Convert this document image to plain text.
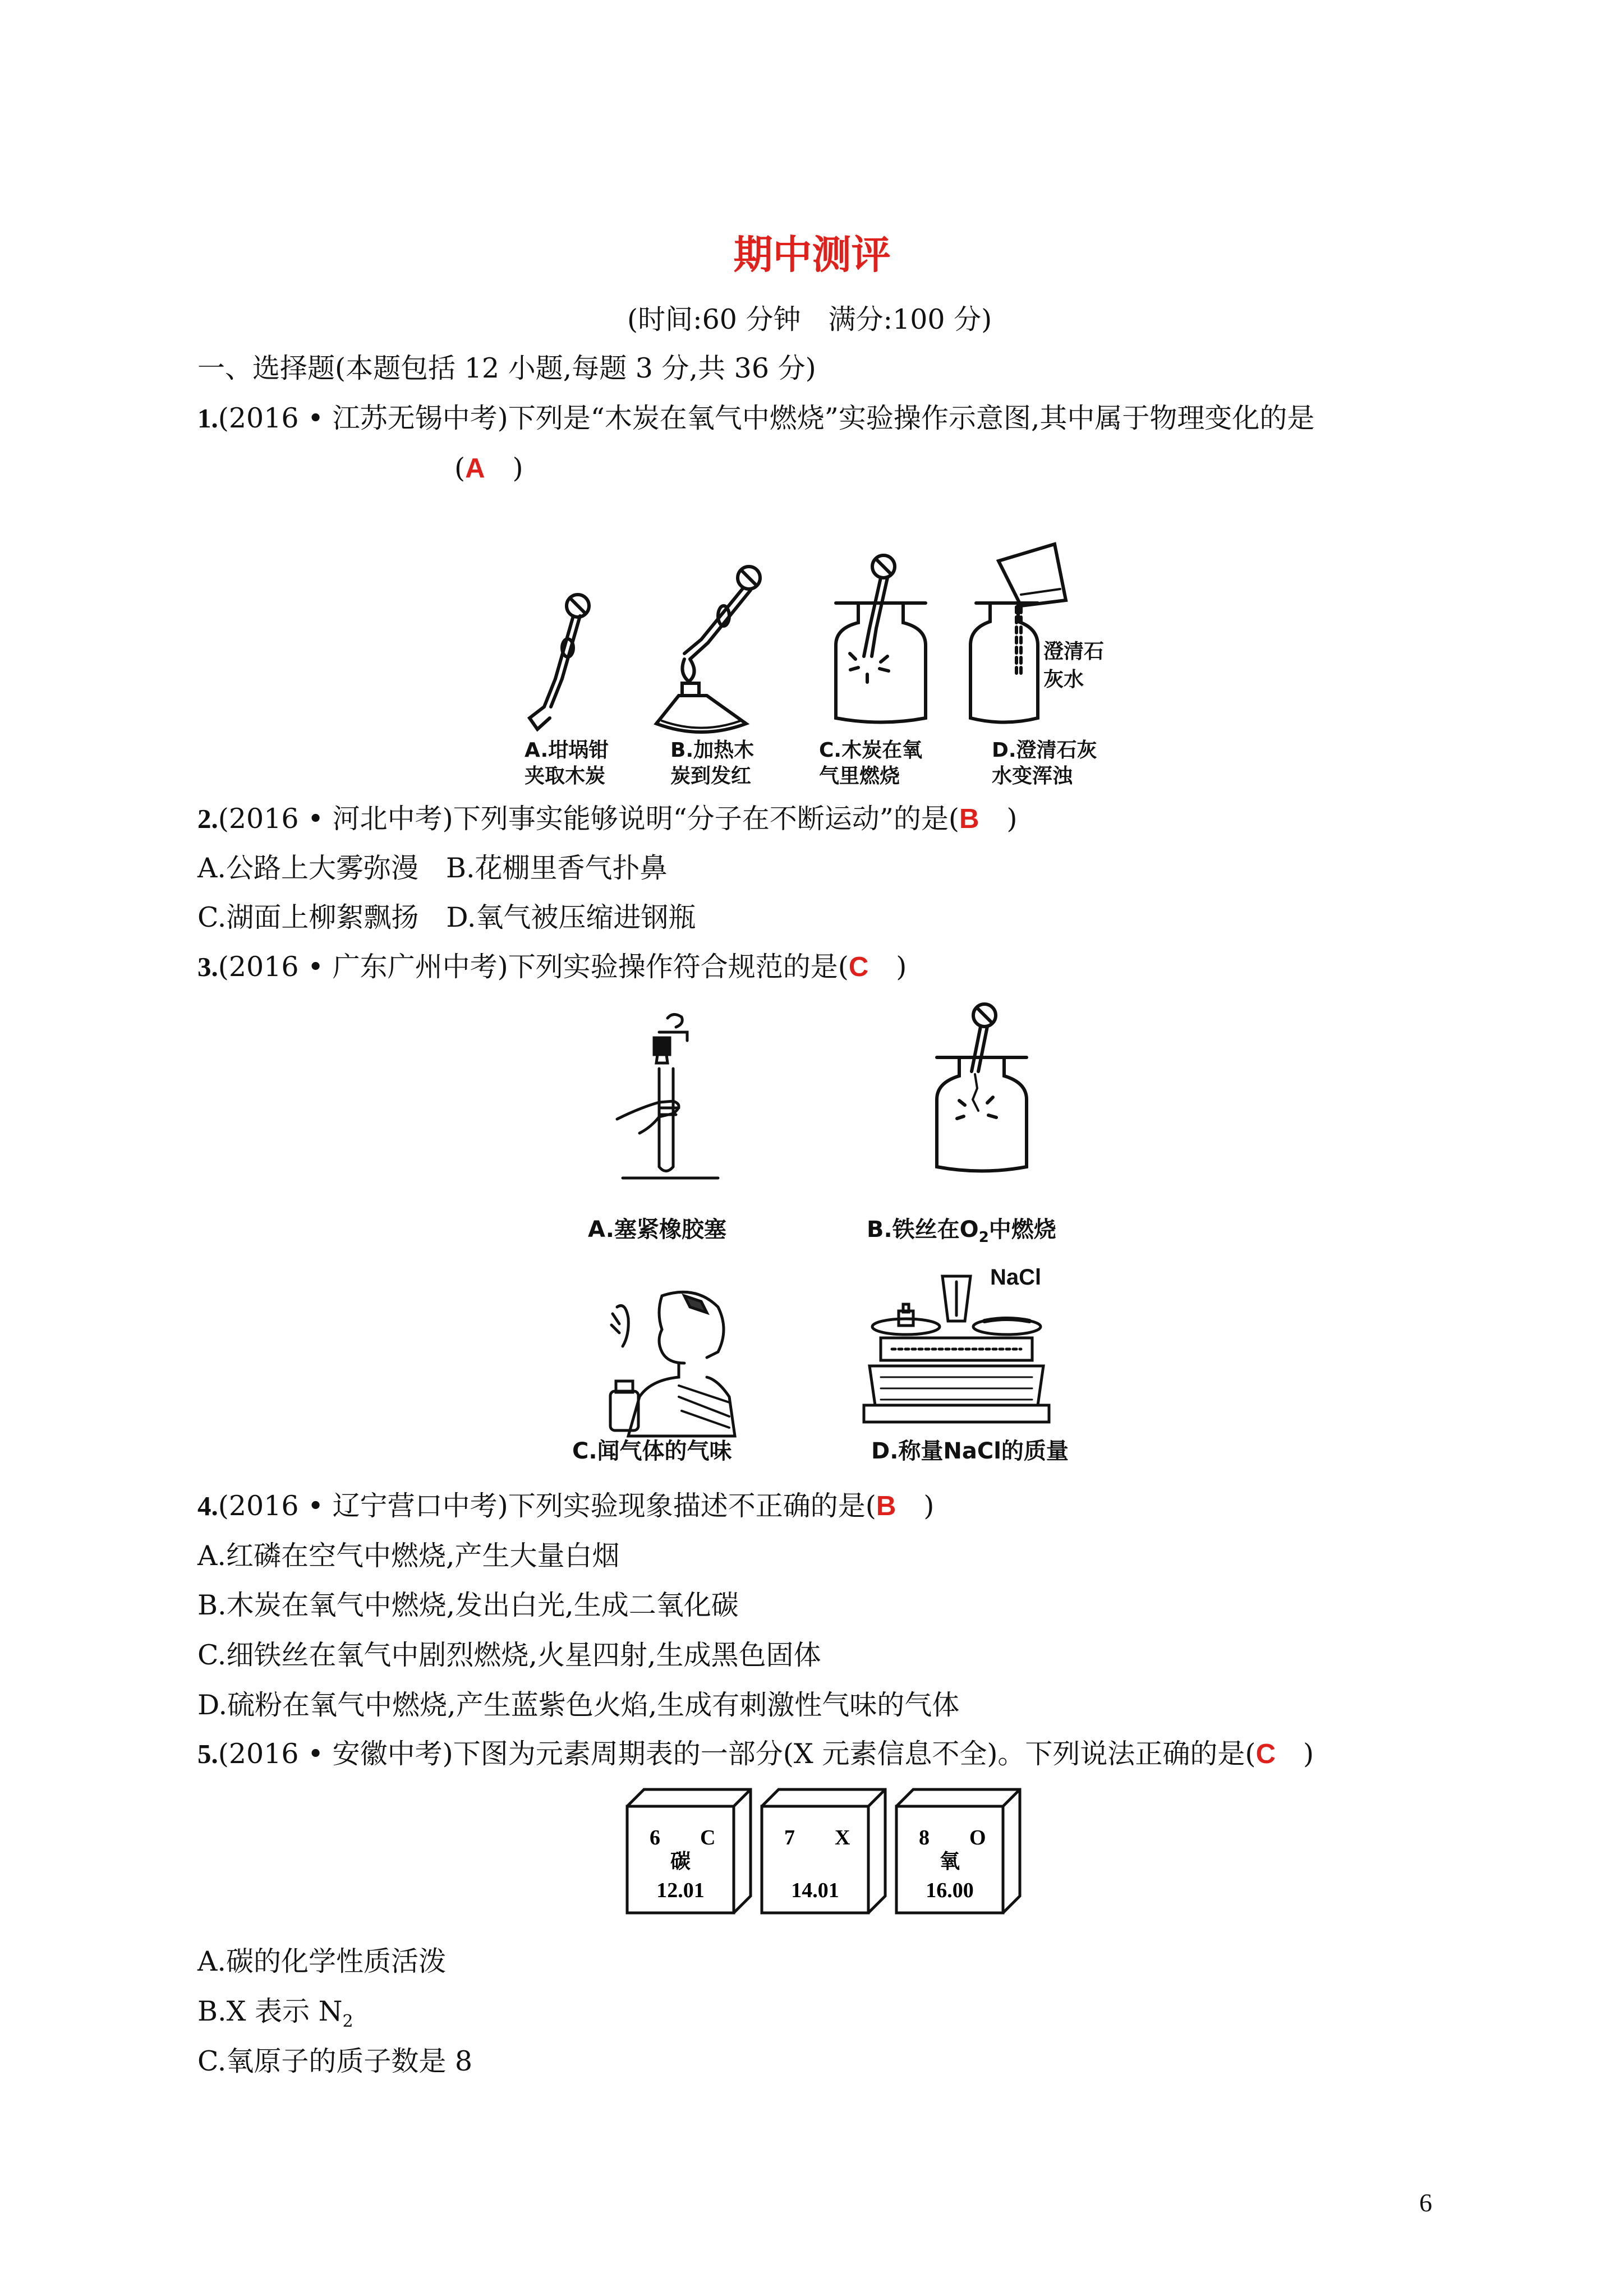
期中测评
(时间:60 分钟　满分:100 分)
一、选择题(本题包括 12 小题,每题 3 分,共 36 分)
1.(2016 • 江苏无锡中考)下列是“木炭在氧气中燃烧”实验操作示意图,其中属于物理变化的是
(A　)
澄清石
灰水
A.坩埚钳
夹取木炭
B.加热木
炭到发红
C.木炭在氧
气里燃烧
D.澄清石灰
水变浑浊
2.(2016 • 河北中考)下列事实能够说明“分子在不断运动”的是(B　)
A.公路上大雾弥漫　B.花棚里香气扑鼻
C.湖面上柳絮飘扬　D.氧气被压缩进钢瓶
3.(2016 • 广东广州中考)下列实验操作符合规范的是(C　)
A.塞紧橡胶塞	B.铁丝在$O_2$中燃烧
NaCl
C.闻气体的气味	D.称量NaCl的质量
4.(2016 • 辽宁营口中考)下列实验现象描述不正确的是(B　)
A.红磷在空气中燃烧,产生大量白烟
B.木炭在氧气中燃烧,发出白光,生成二氧化碳
C.细铁丝在氧气中剧烈燃烧,火星四射,生成黑色固体
D.硫粉在氧气中燃烧,产生蓝紫色火焰,生成有刺激性气味的气体
5.(2016 • 安徽中考)下图为元素周期表的一部分(X 元素信息不全)。下列说法正确的是(C　)
6 C
碳
12.01
7 X
14.01
8 O
氧
16.00
A.碳的化学性质活泼
B.X 表示 $N_2$
C.氧原子的质子数是 8
6
